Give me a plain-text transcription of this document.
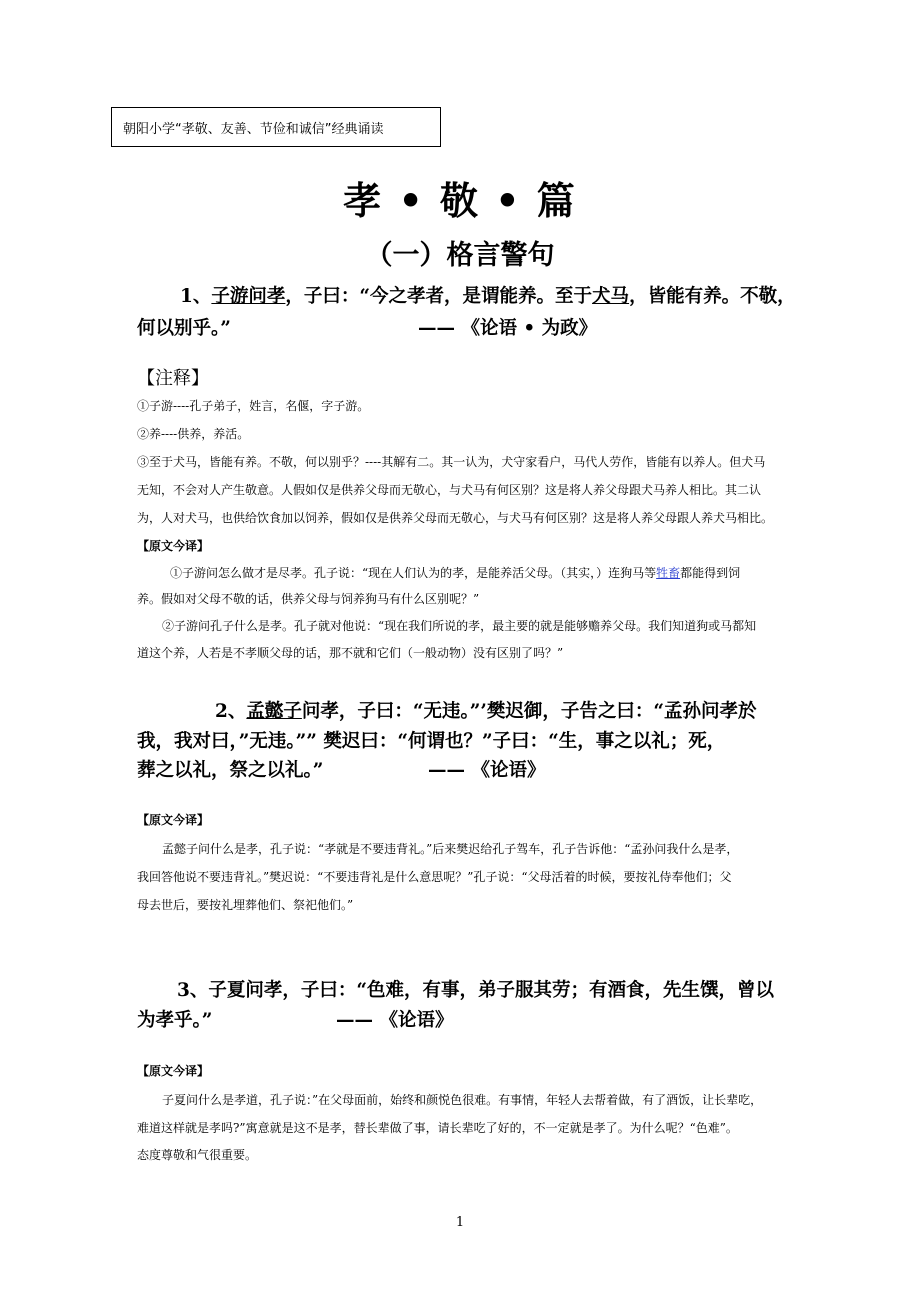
朝阳小学“孝敬、友善、节俭和诚信”经典诵读
孝 • 敬 • 篇
（一）格言警句
1、子游问孝，子曰：“今之孝者，是谓能养。至于犬马，皆能有养。不敬，
何以别乎。”	—— 《论语 • 为政》
【注释】
①子游----孔子弟子，姓言，名偃，字子游。
②养----供养，养活。
③至于犬马，皆能有养。不敬，何以别乎？----其解有二。其一认为，犬守家看户，马代人劳作，皆能有以养人。但犬马
无知，不会对人产生敬意。人假如仅是供养父母而无敬心，与犬马有何区别？这是将人养父母跟犬马养人相比。其二认
为，人对犬马，也供给饮食加以饲养，假如仅是供养父母而无敬心，与犬马有何区别？这是将人养父母跟人养犬马相比。
【原文今译】
①子游问怎么做才是尽孝。孔子说：“现在人们认为的孝，是能养活父母。（其实，）连狗马等牲畜都能得到饲
养。假如对父母不敬的话，供养父母与饲养狗马有什么区别呢？”
②子游问孔子什么是孝。孔子就对他说：“现在我们所说的孝，最主要的就是能够赡养父母。我们知道狗或马都知
道这个养，人若是不孝顺父母的话，那不就和它们（一般动物）没有区别了吗？”
2、孟懿子问孝，子曰：“无违。”’樊迟御，子告之曰：“孟孙问孝於
我，我对曰，”无违。”” 樊迟曰：“何谓也？”子曰：“生，事之以礼；死，
葬之以礼，祭之以礼。”	—— 《论语》
【原文今译】
孟懿子问什么是孝，孔子说：“孝就是不要违背礼。”后来樊迟给孔子驾车，孔子告诉他：“孟孙问我什么是孝，
我回答他说不要违背礼。”樊迟说：“不要违背礼是什么意思呢？”孔子说：“父母活着的时候，要按礼侍奉他们；父
母去世后，要按礼埋葬他们、祭祀他们。”
3、子夏问孝，子曰：“色难，有事，弟子服其劳；有酒食，先生馔，曾以
为孝乎。”	—— 《论语》
【原文今译】
子夏问什么是孝道，孔子说：”在父母面前，始终和颜悦色很难。有事情，年轻人去帮着做，有了酒饭，让长辈吃，
难道这样就是孝吗?”寓意就是这不是孝，替长辈做了事，请长辈吃了好的，不一定就是孝了。为什么呢？“色难”。
态度尊敬和气很重要。
1
